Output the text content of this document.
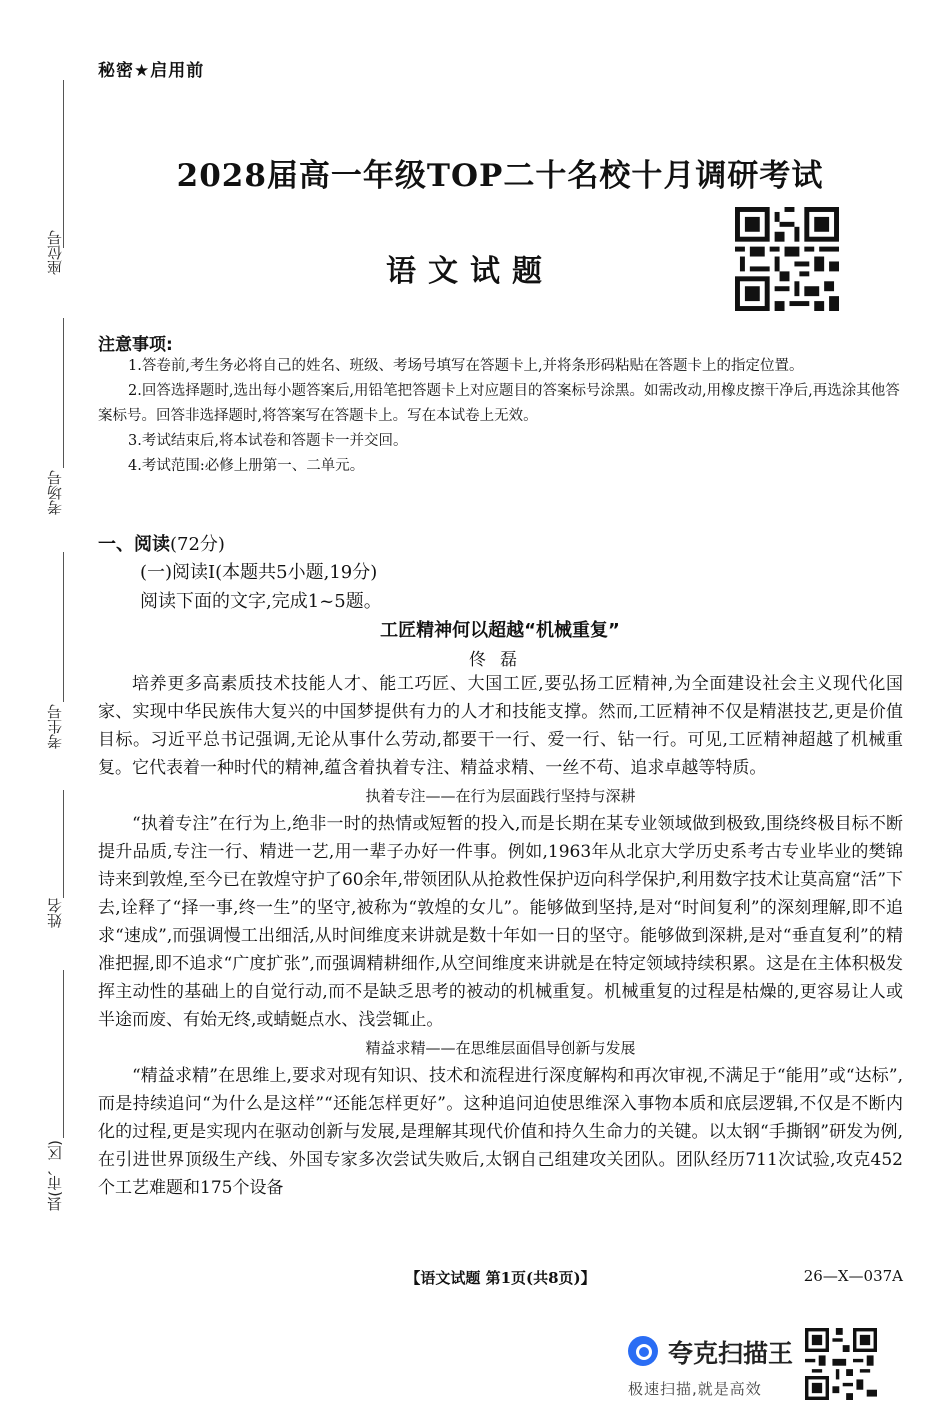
秘密★启用前
2028届高一年级TOP二十名校十月调研考试
语文试题
座位号
考场号
考生号
姓名
县(市、区)
注意事项:

1.答卷前,考生务必将自己的姓名、班级、考场号填写在答题卡上,并将条形码粘贴在答题卡上的指定位置。

2.回答选择题时,选出每小题答案后,用铅笔把答题卡上对应题目的答案标号涂黑。如需改动,用橡皮擦干净后,再选涂其他答案标号。回答非选择题时,将答案写在答题卡上。写在本试卷上无效。

3.考试结束后,将本试卷和答题卡一并交回。

4.考试范围:必修上册第一、二单元。

一、阅读(72分)
(一)阅读Ⅰ(本题共5小题,19分)
阅读下面的文字,完成1~5题。
工匠精神何以超越“机械重复”
佟磊

培养更多高素质技术技能人才、能工巧匠、大国工匠,要弘扬工匠精神,为全面建设社会主义现代化国家、实现中华民族伟大复兴的中国梦提供有力的人才和技能支撑。然而,工匠精神不仅是精湛技艺,更是价值目标。习近平总书记强调,无论从事什么劳动,都要干一行、爱一行、钻一行。可见,工匠精神超越了机械重复。它代表着一种时代的精神,蕴含着执着专注、精益求精、一丝不苟、追求卓越等特质。

执着专注——在行为层面践行坚持与深耕

“执着专注”在行为上,绝非一时的热情或短暂的投入,而是长期在某专业领域做到极致,围绕终极目标不断提升品质,专注一行、精进一艺,用一辈子办好一件事。例如,1963年从北京大学历史系考古专业毕业的樊锦诗来到敦煌,至今已在敦煌守护了60余年,带领团队从抢救性保护迈向科学保护,利用数字技术让莫高窟“活”下去,诠释了“择一事,终一生”的坚守,被称为“敦煌的女儿”。能够做到坚持,是对“时间复利”的深刻理解,即不追求“速成”,而强调慢工出细活,从时间维度来讲就是数十年如一日的坚守。能够做到深耕,是对“垂直复利”的精准把握,即不追求“广度扩张”,而强调精耕细作,从空间维度来讲就是在特定领域持续积累。这是在主体积极发挥主动性的基础上的自觉行动,而不是缺乏思考的被动的机械重复。机械重复的过程是枯燥的,更容易让人或半途而废、有始无终,或蜻蜓点水、浅尝辄止。

精益求精——在思维层面倡导创新与发展

“精益求精”在思维上,要求对现有知识、技术和流程进行深度解构和再次审视,不满足于“能用”或“达标”,而是持续追问“为什么是这样”“还能怎样更好”。这种追问迫使思维深入事物本质和底层逻辑,不仅是不断内化的过程,更是实现内在驱动创新与发展,是理解其现代价值和持久生命力的关键。以太钢“手撕钢”研发为例,在引进世界顶级生产线、外国专家多次尝试失败后,太钢自己组建攻关团队。团队经历711次试验,攻克452个工艺难题和175个设备

【语文试题 第1页(共8页)】	26—X—037A
夸克扫描王
极速扫描,就是高效
